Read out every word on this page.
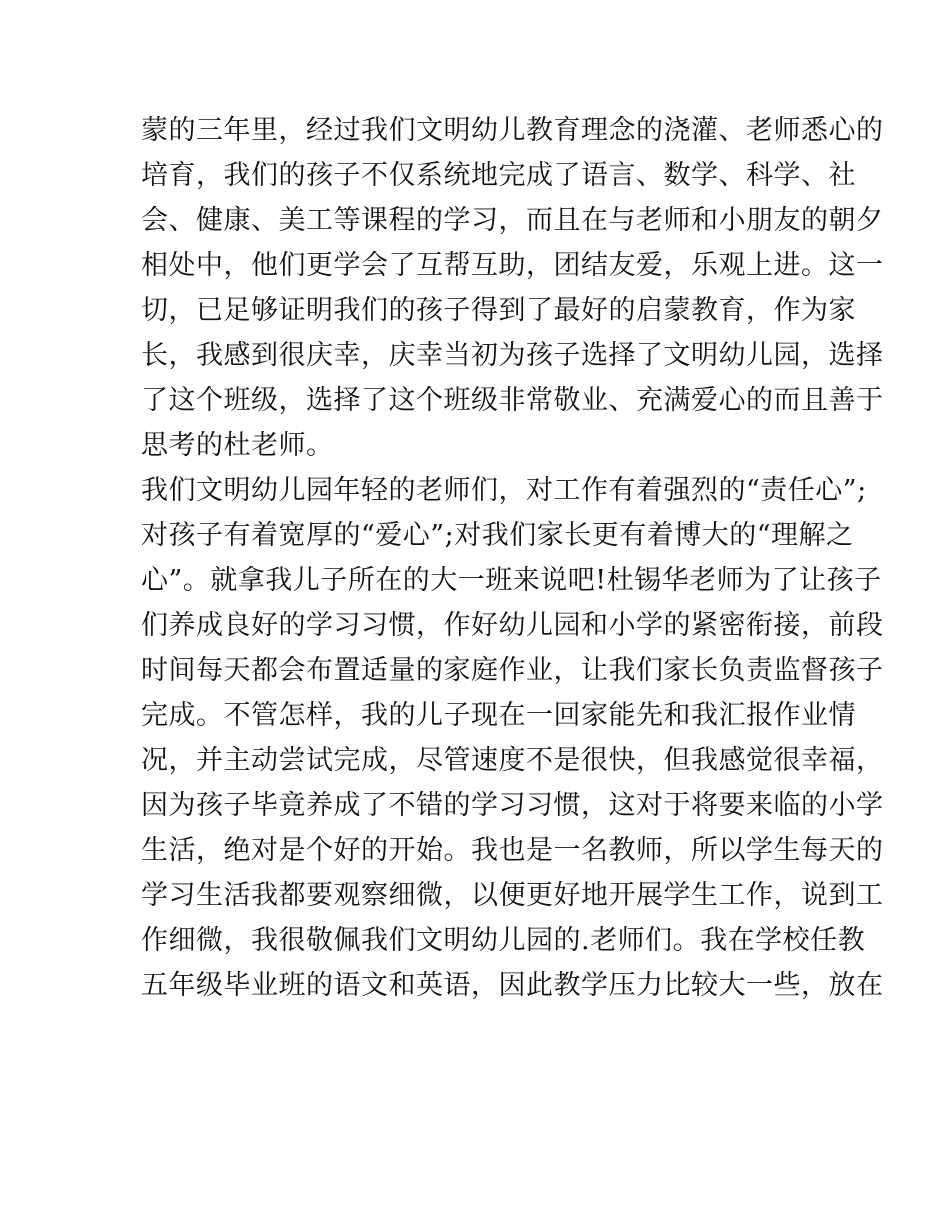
蒙的三年里，经过我们文明幼儿教育理念的浇灌、老师悉心的
培育，我们的孩子不仅系统地完成了语言、数学、科学、社
会、健康、美工等课程的学习，而且在与老师和小朋友的朝夕
相处中，他们更学会了互帮互助，团结友爱，乐观上进。这一
切，已足够证明我们的孩子得到了最好的启蒙教育，作为家
长，我感到很庆幸，庆幸当初为孩子选择了文明幼儿园，选择
了这个班级，选择了这个班级非常敬业、充满爱心的而且善于
思考的杜老师。
我们文明幼儿园年轻的老师们，对工作有着强烈的“责任心”;
对孩子有着宽厚的“爱心”;对我们家长更有着博大的“理解之
心”。就拿我儿子所在的大一班来说吧!杜锡华老师为了让孩子
们养成良好的学习习惯，作好幼儿园和小学的紧密衔接，前段
时间每天都会布置适量的家庭作业，让我们家长负责监督孩子
完成。不管怎样，我的儿子现在一回家能先和我汇报作业情
况，并主动尝试完成，尽管速度不是很快，但我感觉很幸福，
因为孩子毕竟养成了不错的学习习惯，这对于将要来临的小学
生活，绝对是个好的开始。我也是一名教师，所以学生每天的
学习生活我都要观察细微，以便更好地开展学生工作，说到工
作细微，我很敬佩我们文明幼儿园的.老师们。我在学校任教
五年级毕业班的语文和英语，因此教学压力比较大一些，放在
